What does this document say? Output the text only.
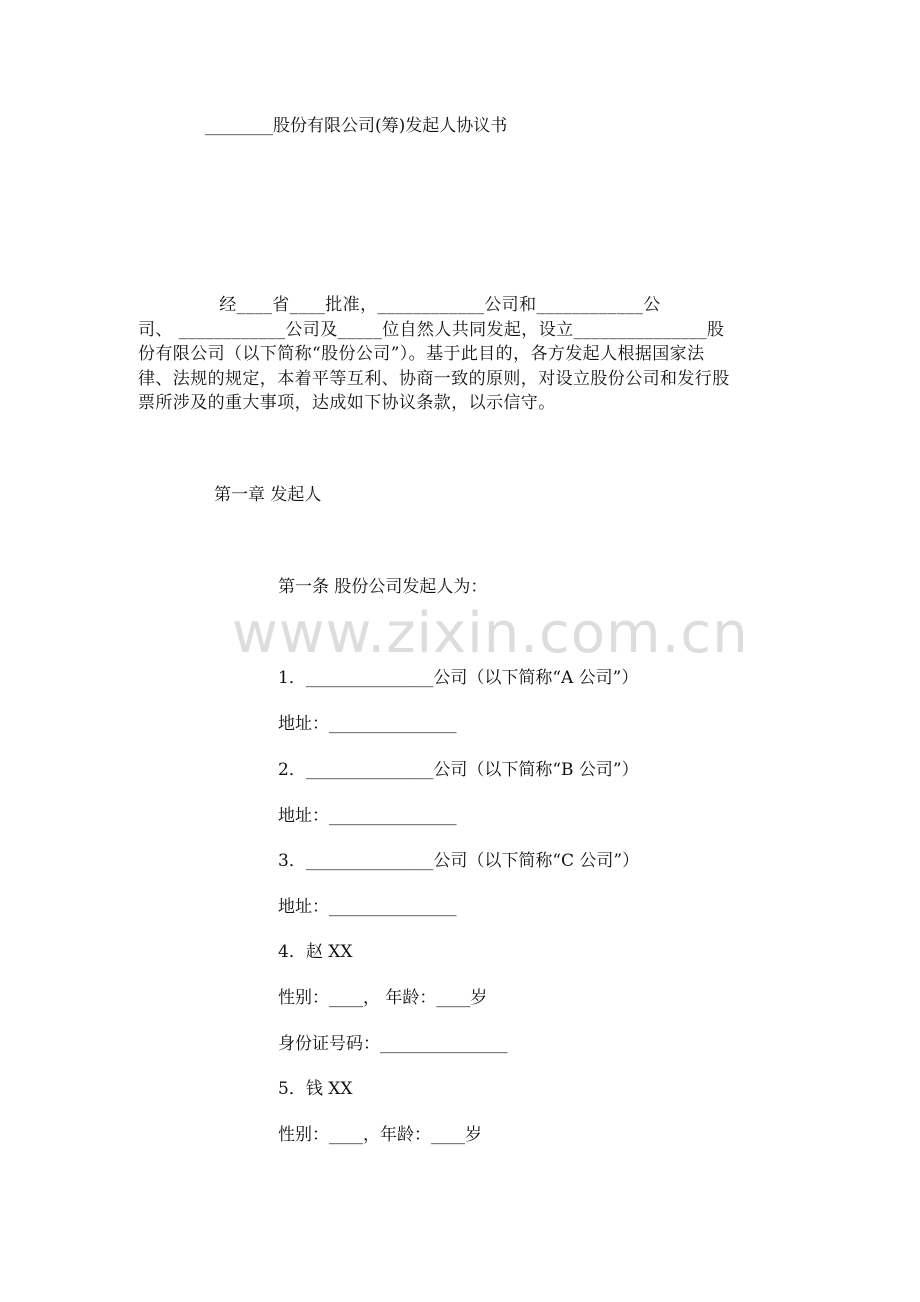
www.zixin.com.cn
________股份有限公司(筹)发起人协议书
经____省____批准，____________公司和____________公
司、 ____________公司及_____位自然人共同发起，设立_______________股
份有限公司（以下简称“股份公司”）。基于此目的，各方发起人根据国家法
律、法规的规定，本着平等互利、协商一致的原则，对设立股份公司和发行股
票所涉及的重大事项，达成如下协议条款，以示信守。
第一章 发起人
第一条 股份公司发起人为：
1．_______________公司（以下简称“A 公司”）
地址：_______________
2．_______________公司（以下简称“B 公司”）
地址：_______________
3．_______________公司（以下简称“C 公司”）
地址：_______________
4．赵 XX
性别：____， 年龄：____岁
身份证号码：_______________
5．钱 XX
性别：____，年龄：____岁
